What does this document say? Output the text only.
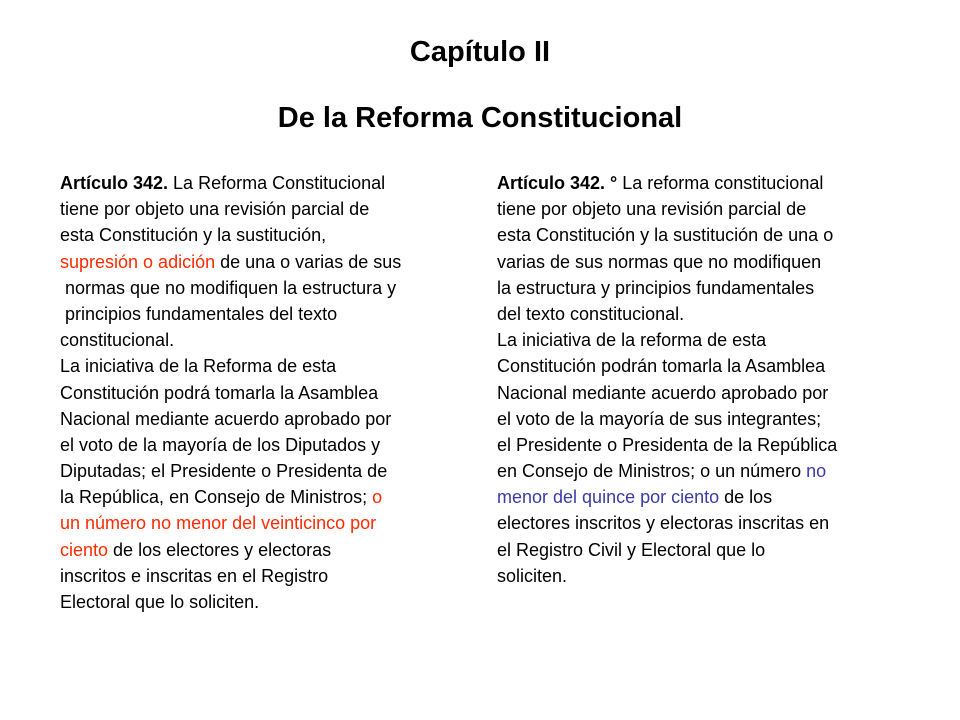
Capítulo II
De la Reforma Constitucional
Artículo 342. La Reforma Constitucional
tiene por objeto una revisión parcial de
esta Constitución y la sustitución,
supresión o adición de una o varias de sus
normas que no modifiquen la estructura y
principios fundamentales del texto
constitucional.
La iniciativa de la Reforma de esta
Constitución podrá tomarla la Asamblea
Nacional mediante acuerdo aprobado por
el voto de la mayoría de los Diputados y
Diputadas; el Presidente o Presidenta de
la República, en Consejo de Ministros; o
un número no menor del veinticinco por
ciento de los electores y electoras
inscritos e inscritas en el Registro
Electoral que lo soliciten.
Artículo 342. ° La reforma constitucional
tiene por objeto una revisión parcial de
esta Constitución y la sustitución de una o
varias de sus normas que no modifiquen
la estructura y principios fundamentales
del texto constitucional.
La iniciativa de la reforma de esta
Constitución podrán tomarla la Asamblea
Nacional mediante acuerdo aprobado por
el voto de la mayoría de sus integrantes;
el Presidente o Presidenta de la República
en Consejo de Ministros; o un número no
menor del quince por ciento de los
electores inscritos y electoras inscritas en
el Registro Civil y Electoral que lo
soliciten.
